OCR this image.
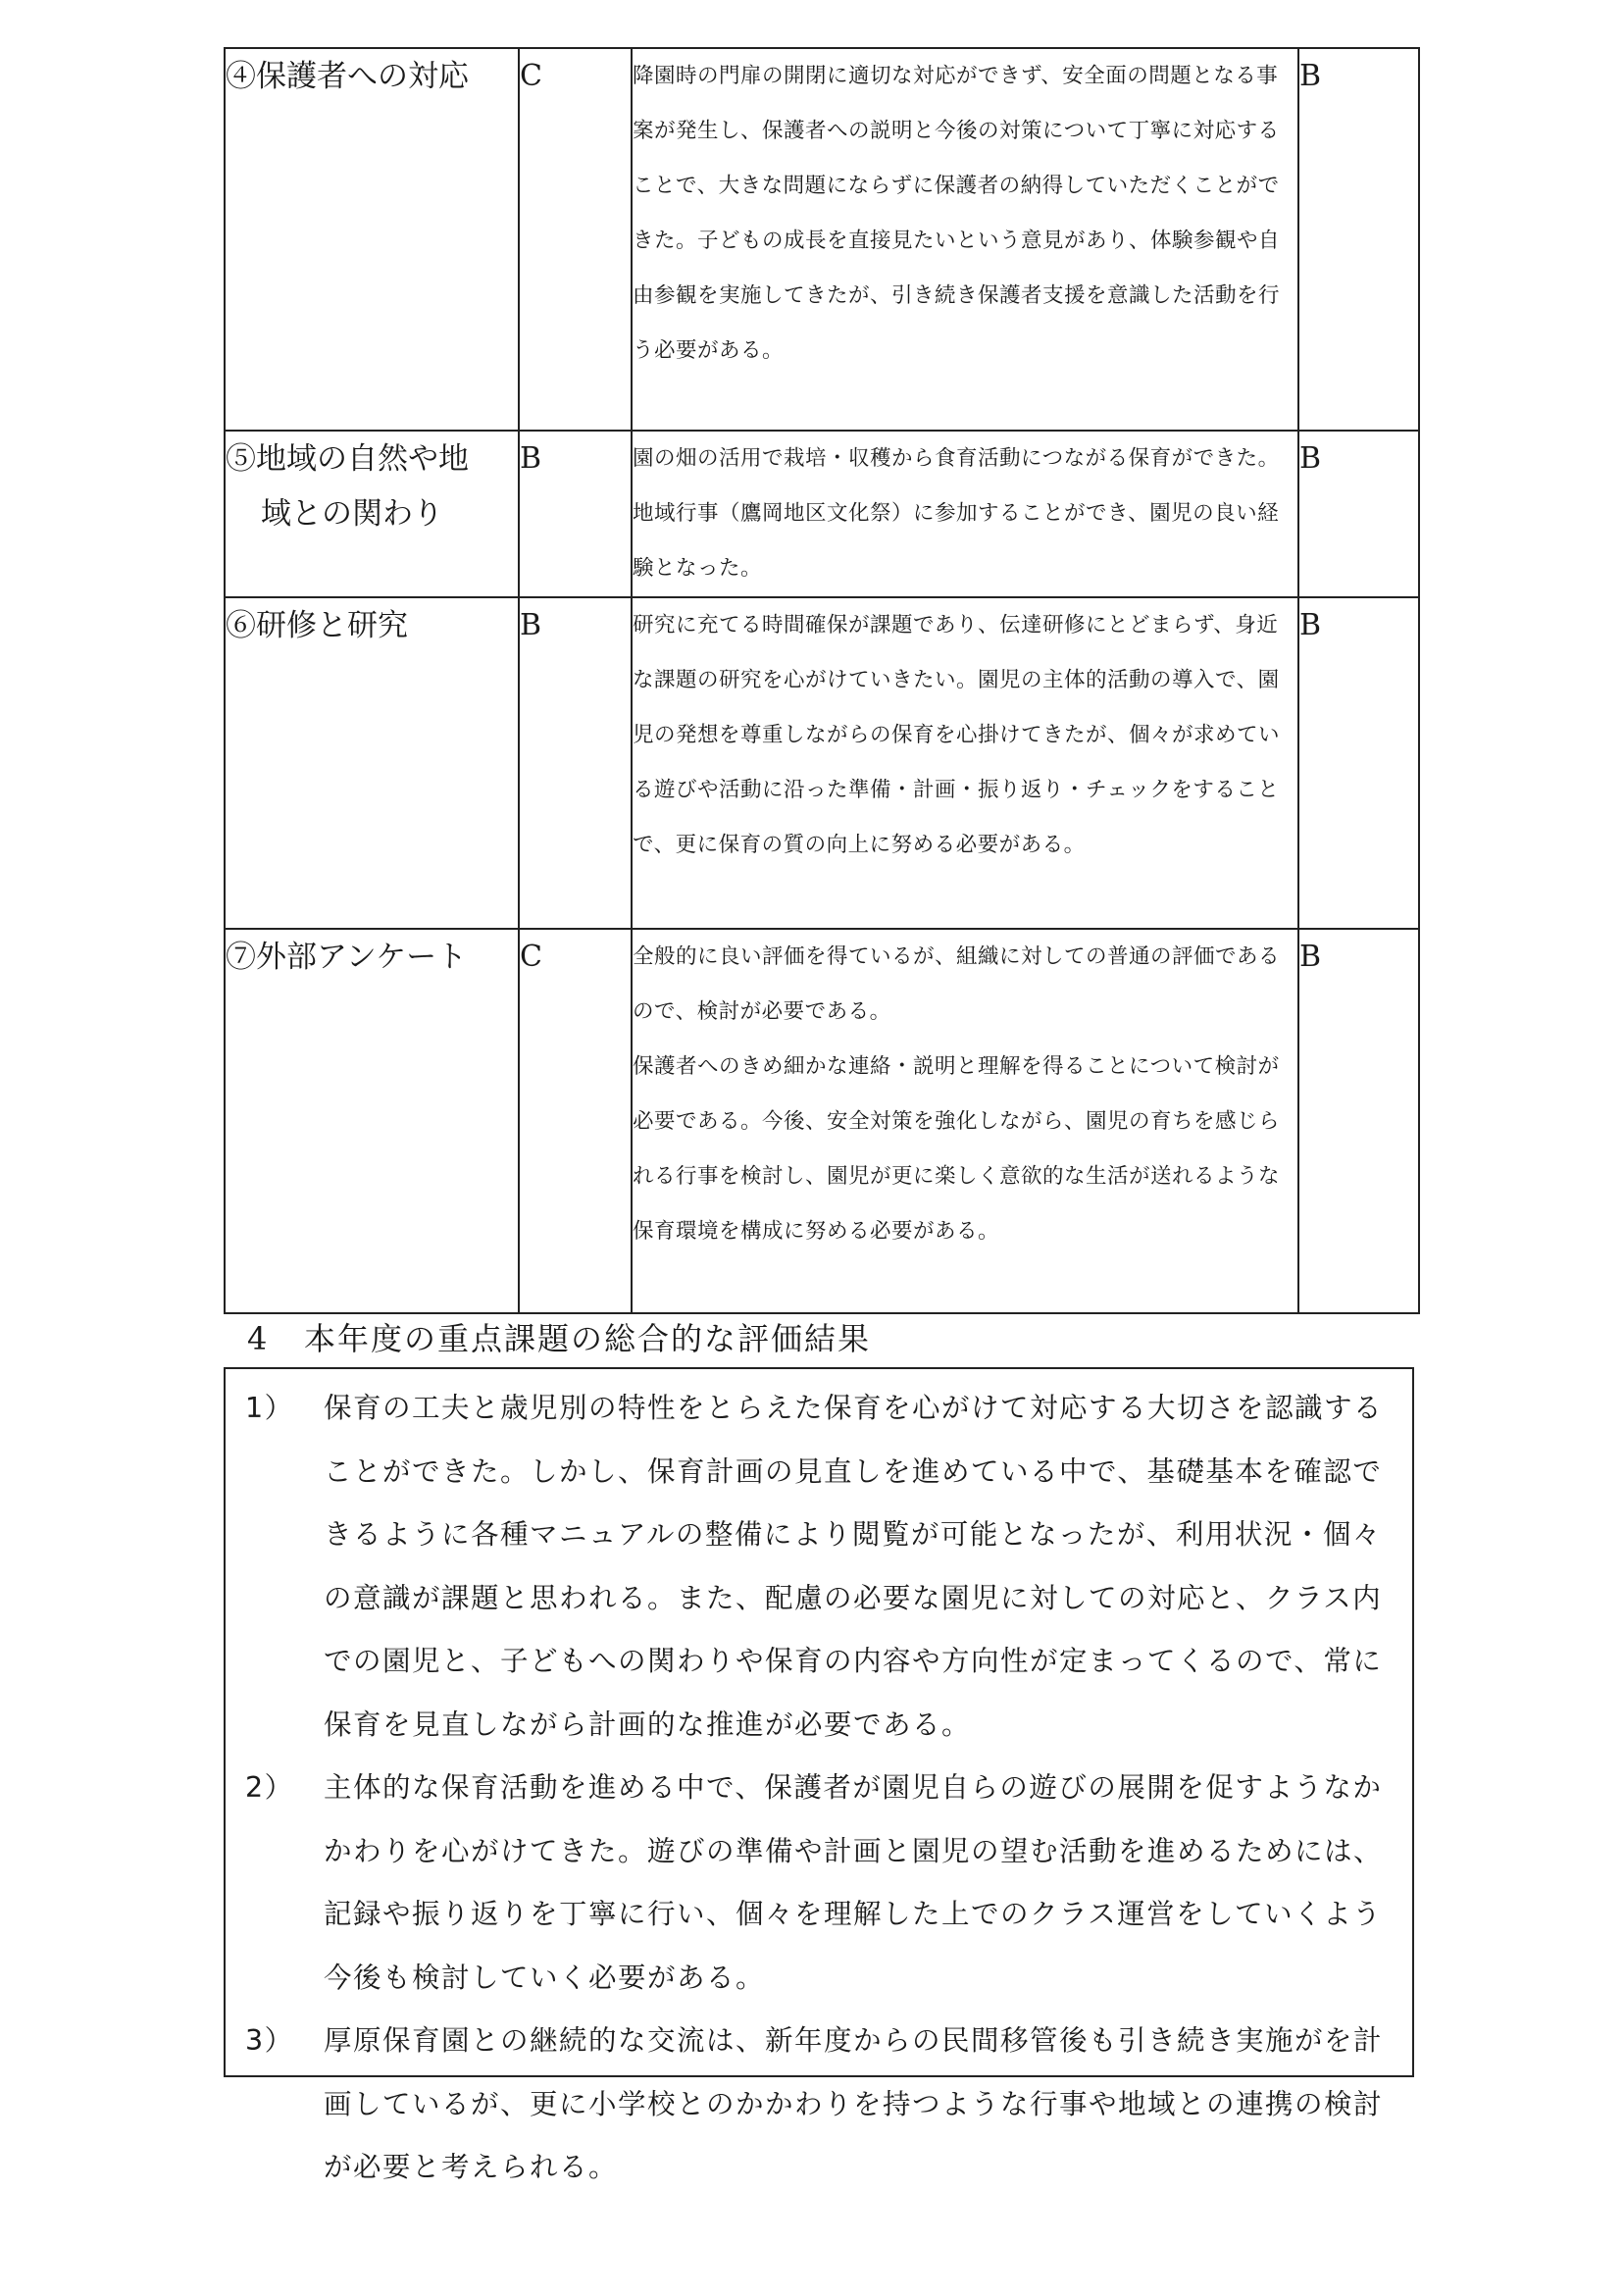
④保護者への対応	C	降園時の門扉の開閉に適切な対応ができず、安全面の問題となる事案が発生し、保護者への説明と今後の対策について丁寧に対応することで、大きな問題にならずに保護者の納得していただくことができた。子どもの成長を直接見たいという意見があり、体験参観や自由参観を実施してきたが、引き続き保護者支援を意識した活動を行う必要がある。	B
⑤地域の自然や地
域との関わり	B	園の畑の活用で栽培・収穫から食育活動につながる保育ができた。地域行事（鷹岡地区文化祭）に参加することができ、園児の良い経験となった。	B
⑥研修と研究	B	研究に充てる時間確保が課題であり、伝達研修にとどまらず、身近な課題の研究を心がけていきたい。園児の主体的活動の導入で、園児の発想を尊重しながらの保育を心掛けてきたが、個々が求めている遊びや活動に沿った準備・計画・振り返り・チェックをすることで、更に保育の質の向上に努める必要がある。	B
⑦外部アンケート	C	全般的に良い評価を得ているが、組織に対しての普通の評価であるので、検討が必要である。

保護者へのきめ細かな連絡・説明と理解を得ることについて検討が必要である。今後、安全対策を強化しながら、園児の育ちを感じられる行事を検討し、園児が更に楽しく意欲的な生活が送れるような保育環境を構成に努める必要がある。	B
4 本年度の重点課題の総合的な評価結果
1）	保育の工夫と歳児別の特性をとらえた保育を心がけて対応する大切さを認識することができた。しかし、保育計画の見直しを進めている中で、基礎基本を確認できるように各種マニュアルの整備により閲覧が可能となったが、利用状況・個々の意識が課題と思われる。また、配慮の必要な園児に対しての対応と、クラス内での園児と、子どもへの関わりや保育の内容や方向性が定まってくるので、常に保育を見直しながら計画的な推進が必要である。
2）	主体的な保育活動を進める中で、保護者が園児自らの遊びの展開を促すようなかかわりを心がけてきた。遊びの準備や計画と園児の望む活動を進めるためには、記録や振り返りを丁寧に行い、個々を理解した上でのクラス運営をしていくよう今後も検討していく必要がある。
3）	厚原保育園との継続的な交流は、新年度からの民間移管後も引き続き実施がを計画しているが、更に小学校とのかかわりを持つような行事や地域との連携の検討が必要と考えられる。
